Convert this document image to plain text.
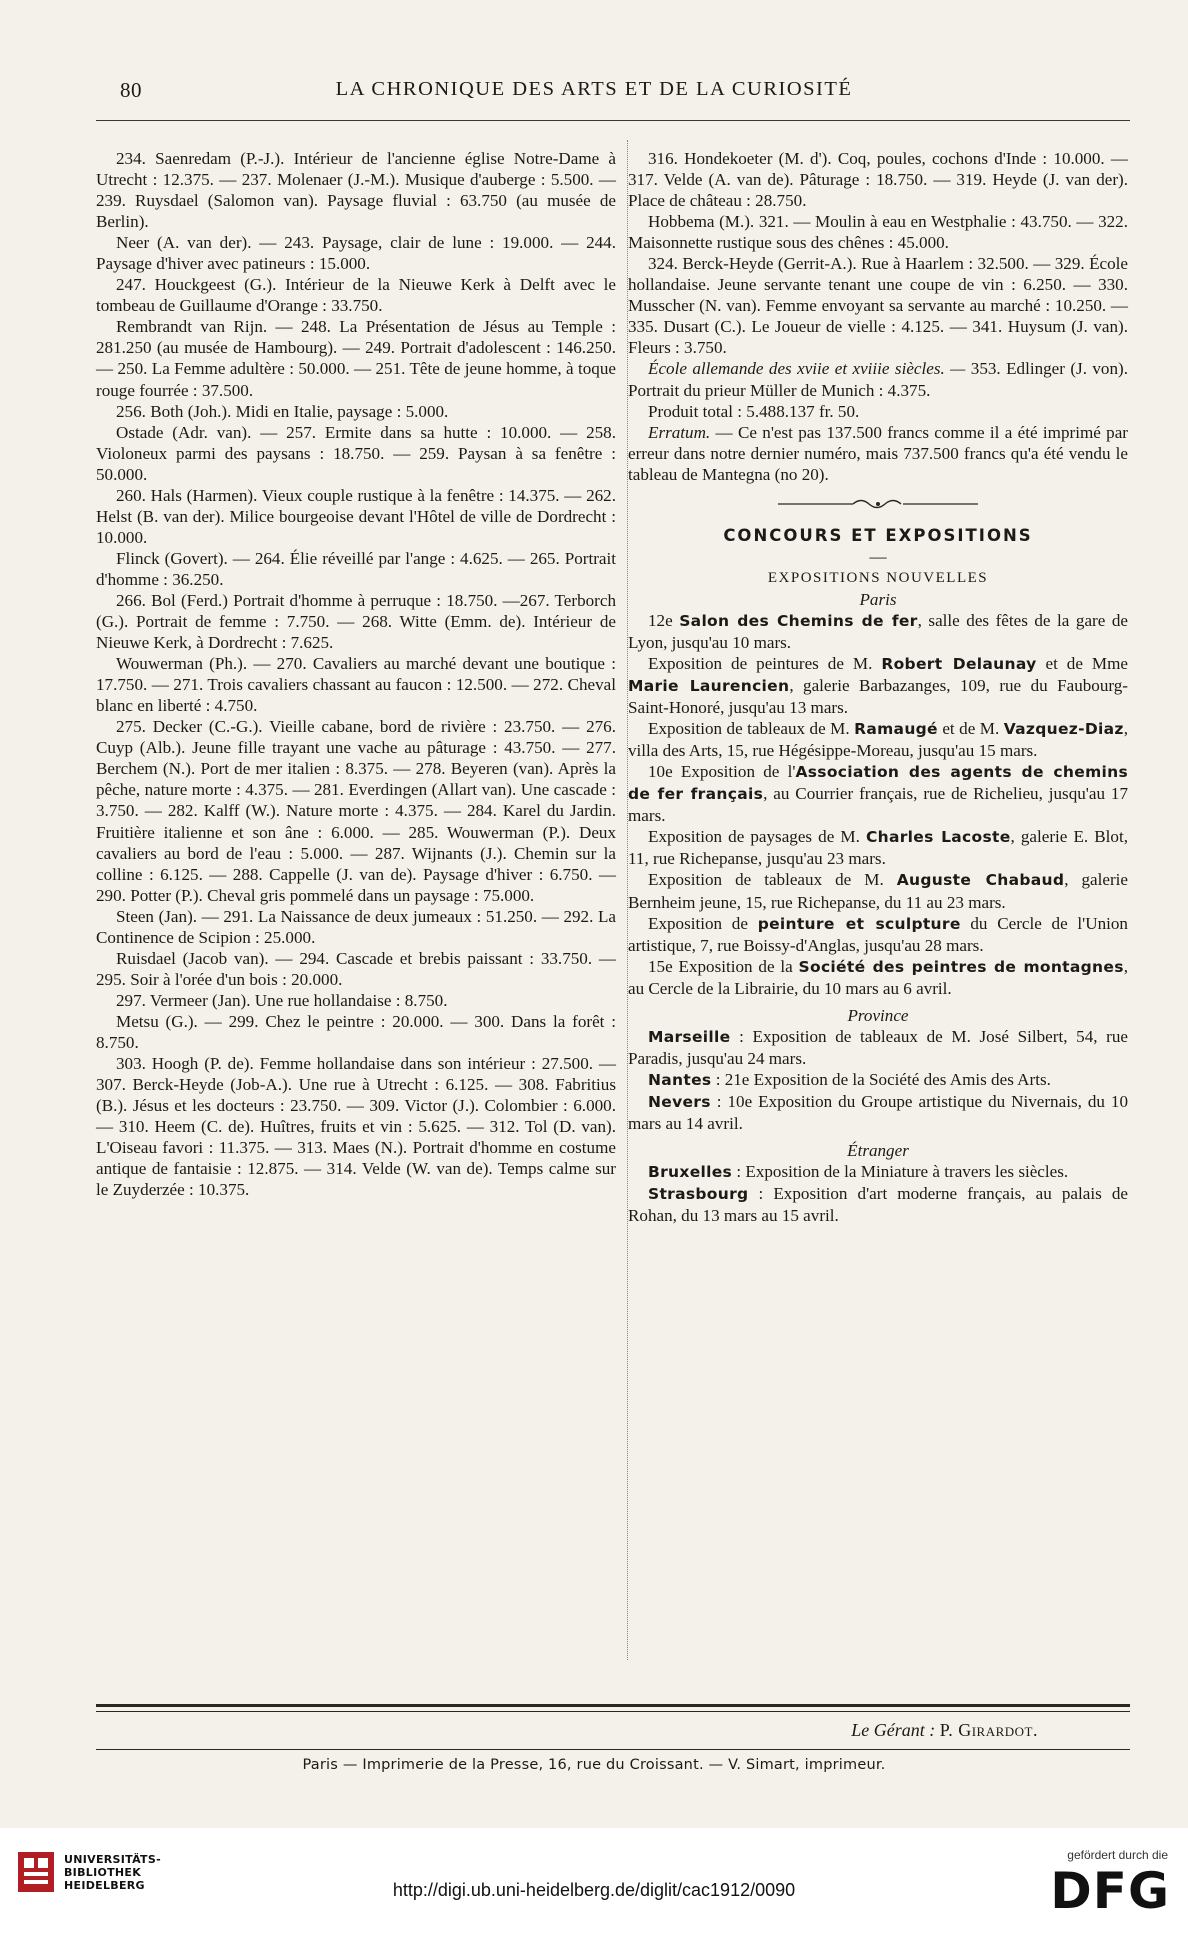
80	LA CHRONIQUE DES ARTS ET DE LA CURIOSITÉ

234. Saenredam (P.-J.). Intérieur de l'ancienne église Notre-Dame à Utrecht : 12.375. — 237. Molenaer (J.-M.). Musique d'auberge : 5.500. — 239. Ruysdael (Salomon van). Paysage fluvial : 63.750 (au musée de Berlin).

Neer (A. van der). — 243. Paysage, clair de lune : 19.000. — 244. Paysage d'hiver avec patineurs : 15.000.

247. Houckgeest (G.). Intérieur de la Nieuwe Kerk à Delft avec le tombeau de Guillaume d'Orange : 33.750.

Rembrandt van Rijn. — 248. La Présentation de Jésus au Temple : 281.250 (au musée de Hambourg). — 249. Portrait d'adolescent : 146.250. — 250. La Femme adultère : 50.000. — 251. Tête de jeune homme, à toque rouge fourrée : 37.500.

256. Both (Joh.). Midi en Italie, paysage : 5.000.

Ostade (Adr. van). — 257. Ermite dans sa hutte : 10.000. — 258. Violoneux parmi des paysans : 18.750. — 259. Paysan à sa fenêtre : 50.000.

260. Hals (Harmen). Vieux couple rustique à la fenêtre : 14.375. — 262. Helst (B. van der). Milice bourgeoise devant l'Hôtel de ville de Dordrecht : 10.000.

Flinck (Govert). — 264. Élie réveillé par l'ange : 4.625. — 265. Portrait d'homme : 36.250.

266. Bol (Ferd.) Portrait d'homme à perruque : 18.750. —267. Terborch (G.). Portrait de femme : 7.750. — 268. Witte (Emm. de). Intérieur de Nieuwe Kerk, à Dordrecht : 7.625.

Wouwerman (Ph.). — 270. Cavaliers au marché devant une boutique : 17.750. — 271. Trois cavaliers chassant au faucon : 12.500. — 272. Cheval blanc en liberté : 4.750.

275. Decker (C.-G.). Vieille cabane, bord de rivière : 23.750. — 276. Cuyp (Alb.). Jeune fille trayant une vache au pâturage : 43.750. — 277. Berchem (N.). Port de mer italien : 8.375. — 278. Beyeren (van). Après la pêche, nature morte : 4.375. — 281. Everdingen (Allart van). Une cascade : 3.750. — 282. Kalff (W.). Nature morte : 4.375. — 284. Karel du Jardin. Fruitière italienne et son âne : 6.000. — 285. Wouwerman (P.). Deux cavaliers au bord de l'eau : 5.000. — 287. Wijnants (J.). Chemin sur la colline : 6.125. — 288. Cappelle (J. van de). Paysage d'hiver : 6.750. — 290. Potter (P.). Cheval gris pommelé dans un paysage : 75.000.

Steen (Jan). — 291. La Naissance de deux jumeaux : 51.250. — 292. La Continence de Scipion : 25.000.

Ruisdael (Jacob van). — 294. Cascade et brebis paissant : 33.750. — 295. Soir à l'orée d'un bois : 20.000.

297. Vermeer (Jan). Une rue hollandaise : 8.750.

Metsu (G.). — 299. Chez le peintre : 20.000. — 300. Dans la forêt : 8.750.

303. Hoogh (P. de). Femme hollandaise dans son intérieur : 27.500. — 307. Berck-Heyde (Job-A.). Une rue à Utrecht : 6.125. — 308. Fabritius (B.). Jésus et les docteurs : 23.750. — 309. Victor (J.). Colombier : 6.000. — 310. Heem (C. de). Huîtres, fruits et vin : 5.625. — 312. Tol (D. van). L'Oiseau favori : 11.375. — 313. Maes (N.). Portrait d'homme en costume antique de fantaisie : 12.875. — 314. Velde (W. van de). Temps calme sur le Zuyderzée : 10.375.

316. Hondekoeter (M. d'). Coq, poules, cochons d'Inde : 10.000. — 317. Velde (A. van de). Pâturage : 18.750. — 319. Heyde (J. van der). Place de château : 28.750.

Hobbema (M.). 321. — Moulin à eau en Westphalie : 43.750. — 322. Maisonnette rustique sous des chênes : 45.000.

324. Berck-Heyde (Gerrit-A.). Rue à Haarlem : 32.500. — 329. École hollandaise. Jeune servante tenant une coupe de vin : 6.250. — 330. Musscher (N. van). Femme envoyant sa servante au marché : 10.250. — 335. Dusart (C.). Le Joueur de vielle : 4.125. — 341. Huysum (J. van). Fleurs : 3.750.

École allemande des xviie et xviiie siècles. — 353. Edlinger (J. von). Portrait du prieur Müller de Munich : 4.375.

Produit total : 5.488.137 fr. 50.

Erratum. — Ce n'est pas 137.500 francs comme il a été imprimé par erreur dans notre dernier numéro, mais 737.500 francs qu'a été vendu le tableau de Mantegna (no 20).

CONCOURS ET EXPOSITIONS
—
EXPOSITIONS NOUVELLES
Paris

12e Salon des Chemins de fer, salle des fêtes de la gare de Lyon, jusqu'au 10 mars.

Exposition de peintures de M. Robert Delaunay et de Mme Marie Laurencien, galerie Barbazanges, 109, rue du Faubourg-Saint-Honoré, jusqu'au 13 mars.

Exposition de tableaux de M. Ramaugé et de M. Vazquez-Diaz, villa des Arts, 15, rue Hégésippe-Moreau, jusqu'au 15 mars.

10e Exposition de l'Association des agents de chemins de fer français, au Courrier français, rue de Richelieu, jusqu'au 17 mars.

Exposition de paysages de M. Charles Lacoste, galerie E. Blot, 11, rue Richepanse, jusqu'au 23 mars.

Exposition de tableaux de M. Auguste Chabaud, galerie Bernheim jeune, 15, rue Richepanse, du 11 au 23 mars.

Exposition de peinture et sculpture du Cercle de l'Union artistique, 7, rue Boissy-d'Anglas, jusqu'au 28 mars.

15e Exposition de la Société des peintres de montagnes, au Cercle de la Librairie, du 10 mars au 6 avril.

Province

Marseille : Exposition de tableaux de M. José Silbert, 54, rue Paradis, jusqu'au 24 mars.

Nantes : 21e Exposition de la Société des Amis des Arts.

Nevers : 10e Exposition du Groupe artistique du Nivernais, du 10 mars au 14 avril.

Étranger

Bruxelles : Exposition de la Miniature à travers les siècles.

Strasbourg : Exposition d'art moderne français, au palais de Rohan, du 13 mars au 15 avril.

Le Gérant : P. Girardot.
Paris — Imprimerie de la Presse, 16, rue du Croissant. — V. Simart, imprimeur.
UNIVERSITÄTS-
BIBLIOTHEK
HEIDELBERG	http://digi.ub.uni-heidelberg.de/diglit/cac1912/0090
gefördert durch die
DFG
